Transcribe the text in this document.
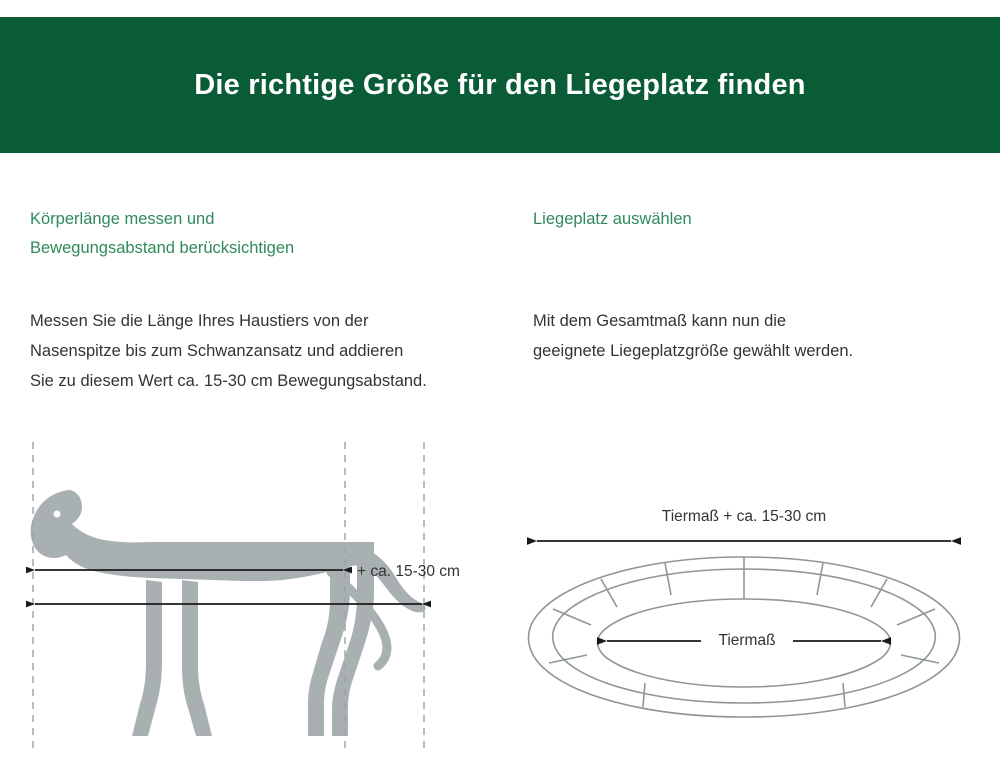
Die richtige Größe für den Liegeplatz finden
Körperlänge messen und
Bewegungsabstand berücksichtigen

Messen Sie die Länge Ihres Haustiers von der Nasenspitze bis zum Schwanzansatz und addieren Sie zu diesem Wert ca. 15-30 cm Bewegungsabstand.

Liegeplatz auswählen

Mit dem Gesamtmaß kann nun die geeignete Liegeplatzgröße gewählt werden.

+ ca. 15-30 cm
Tiermaß + ca. 15-30 cm
Tiermaß
